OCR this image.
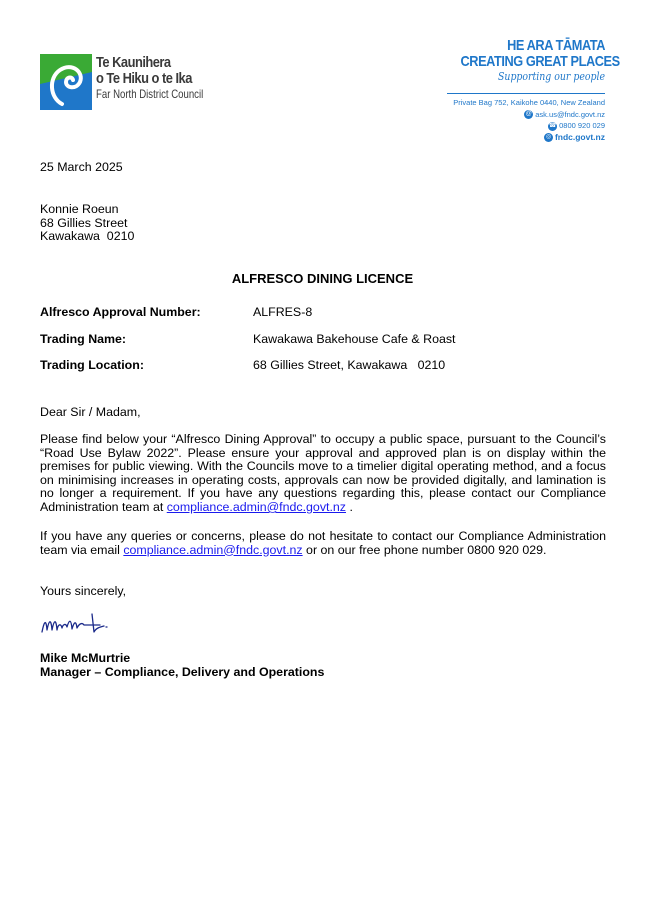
Te Kaunihera
o Te Hiku o te Ika
Far North District Council
HE ARA TĀMATA
CREATING GREAT PLACES
Supporting our people
Private Bag 752, Kaikohe 0440, New Zealand
@ ask.us@fndc.govt.nz
☎ 0800 920 029
◎ fndc.govt.nz
25 March 2025
Konnie Roeun
68 Gillies Street
Kawakawa  0210
ALFRESCO DINING LICENCE
Alfresco Approval Number:	ALFRES-8
Trading Name:	Kawakawa Bakehouse Cafe & Roast
Trading Location:	68 Gillies Street, Kawakawa   0210
Dear Sir / Madam,
Please find below your “Alfresco Dining Approval” to occupy a public space, pursuant to the Council’s “Road Use Bylaw 2022”. Please ensure your approval and approved plan is on display within the premises for public viewing. With the Councils move to a timelier digital operating method, and a focus on minimising increases in operating costs, approvals can now be provided digitally, and lamination is no longer a requirement. If you have any questions regarding this, please contact our Compliance Administration team at compliance.admin@fndc.govt.nz .
If you have any queries or concerns, please do not hesitate to contact our Compliance Administration team via email compliance.admin@fndc.govt.nz or on our free phone number 0800 920 029.
Yours sincerely,
Mike McMurtrie
Manager – Compliance, Delivery and Operations
